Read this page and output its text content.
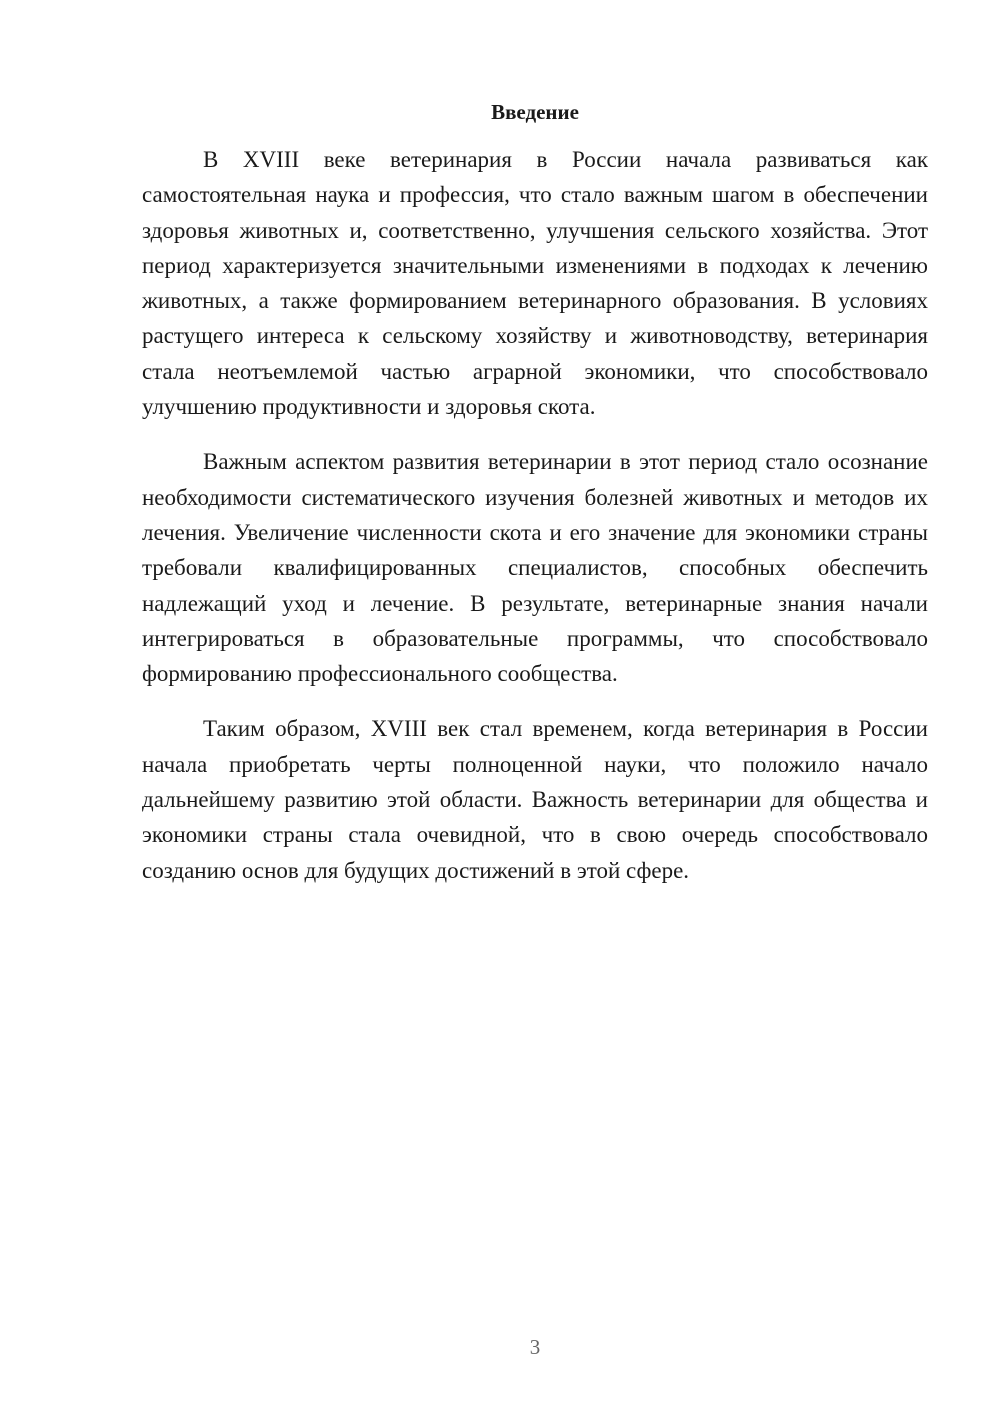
Введение

В XVIII веке ветеринария в России начала развиваться как самостоятельная наука и профессия, что стало важным шагом в обеспечении здоровья животных и, соответственно, улучшения сельского хозяйства. Этот период характеризуется значительными изменениями в подходах к лечению животных, а также формированием ветеринарного образования. В условиях растущего интереса к сельскому хозяйству и животноводству, ветеринария стала неотъемлемой частью аграрной экономики, что способствовало улучшению продуктивности и здоровья скота.

Важным аспектом развития ветеринарии в этот период стало осознание необходимости систематического изучения болезней животных и методов их лечения. Увеличение численности скота и его значение для экономики страны требовали квалифицированных специалистов, способных обеспечить надлежащий уход и лечение. В результате, ветеринарные знания начали интегрироваться в образовательные программы, что способствовало формированию профессионального сообщества.

Таким образом, XVIII век стал временем, когда ветеринария в России начала приобретать черты полноценной науки, что положило начало дальнейшему развитию этой области. Важность ветеринарии для общества и экономики страны стала очевидной, что в свою очередь способствовало созданию основ для будущих достижений в этой сфере.

3
